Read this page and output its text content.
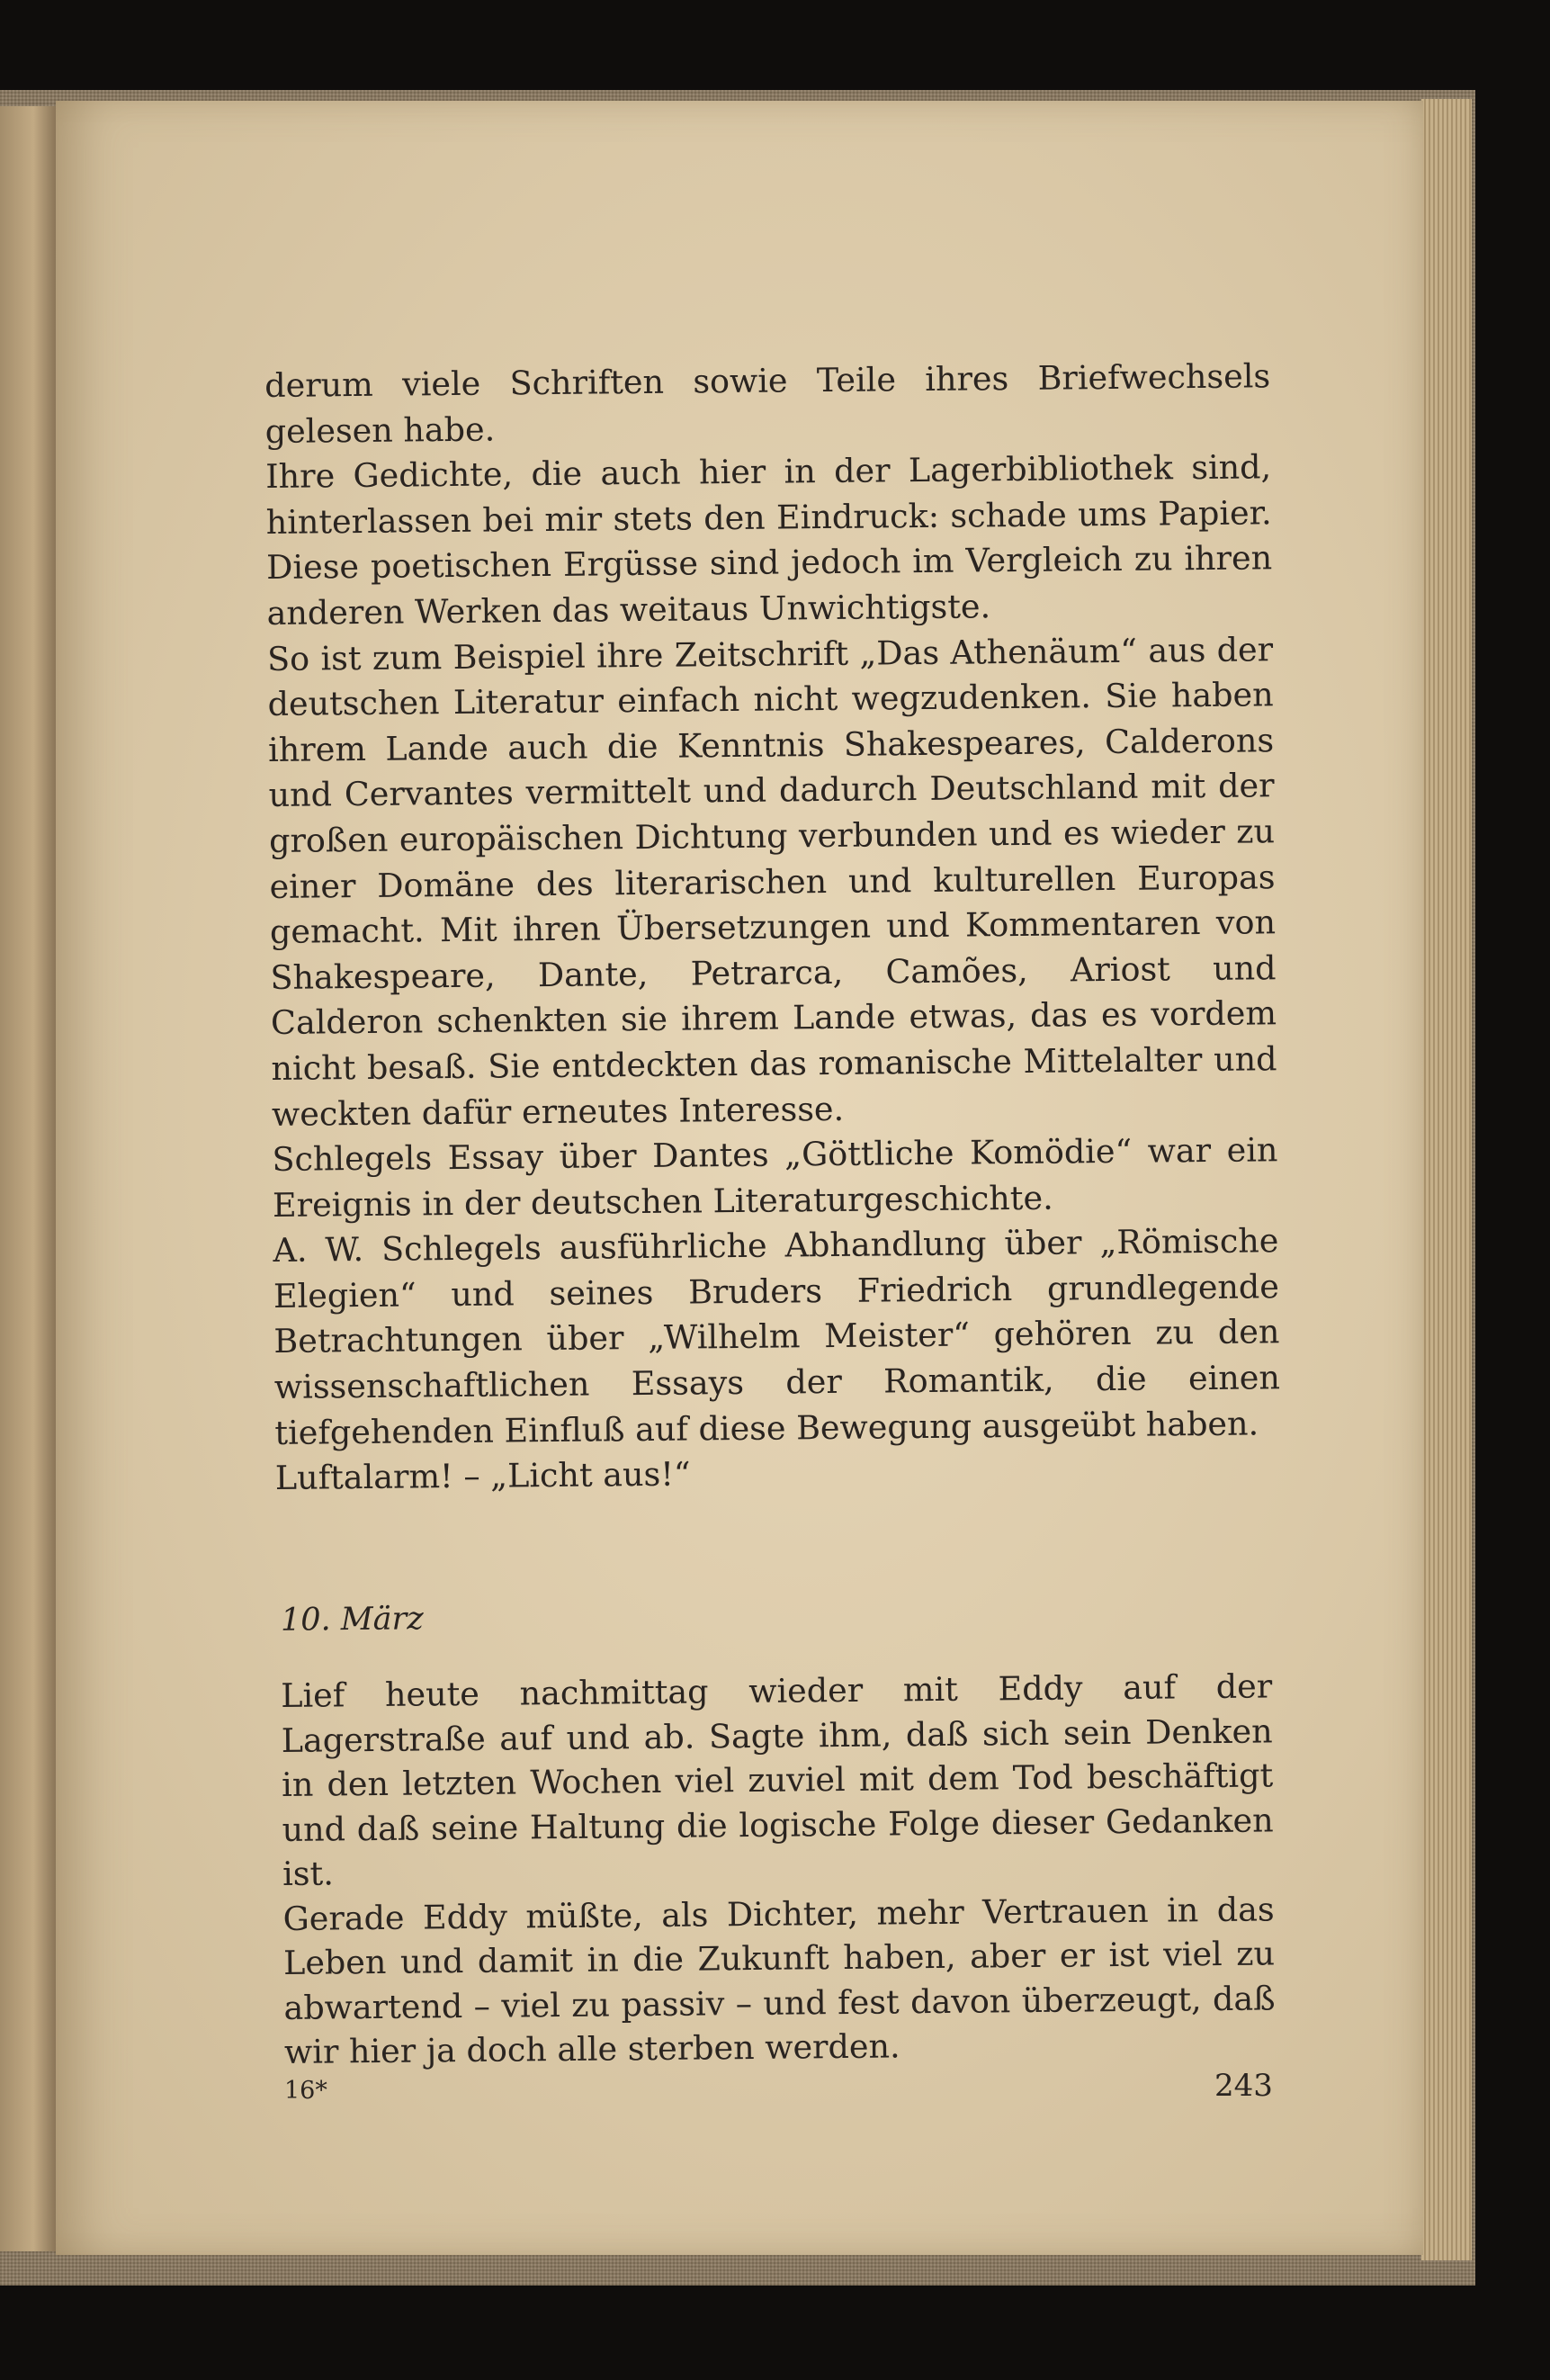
derum viele Schriften sowie Teile ihres Briefwechsels gelesen habe.

Ihre Gedichte, die auch hier in der Lagerbibliothek sind, hinterlassen bei mir stets den Eindruck: schade ums Papier. Diese poetischen Ergüsse sind jedoch im Vergleich zu ihren anderen Werken das weitaus Unwichtigste.

So ist zum Beispiel ihre Zeitschrift „Das Athenäum“ aus der deutschen Literatur einfach nicht wegzudenken. Sie haben ihrem Lande auch die Kenntnis Shakespeares, Calderons und Cervantes vermittelt und dadurch Deutschland mit der großen europäischen Dichtung verbunden und es wieder zu einer Domäne des literarischen und kulturellen Europas gemacht. Mit ihren Übersetzungen und Kommentaren von Shakespeare, Dante, Petrarca, Camões, Ariost und Calderon schenkten sie ihrem Lande etwas, das es vordem nicht besaß. Sie entdeckten das romanische Mittelalter und weckten dafür erneutes Interesse.

Schlegels Essay über Dantes „Göttliche Komödie“ war ein Ereignis in der deutschen Literaturgeschichte.

A. W. Schlegels ausführliche Abhandlung über „Römische Elegien“ und seines Bruders Friedrich grundlegende Betrachtungen über „Wilhelm Meister“ gehören zu den wissenschaftlichen Essays der Romantik, die einen tiefgehenden Einfluß auf diese Bewegung ausgeübt haben.

Luftalarm! – „Licht aus!“

10. März

Lief heute nachmittag wieder mit Eddy auf der Lagerstraße auf und ab. Sagte ihm, daß sich sein Denken in den letzten Wochen viel zuviel mit dem Tod beschäftigt und daß seine Haltung die logische Folge dieser Gedanken ist.

Gerade Eddy müßte, als Dichter, mehr Vertrauen in das Leben und damit in die Zukunft haben, aber er ist viel zu abwartend – viel zu passiv – und fest davon überzeugt, daß wir hier ja doch alle sterben werden.

16*	243
